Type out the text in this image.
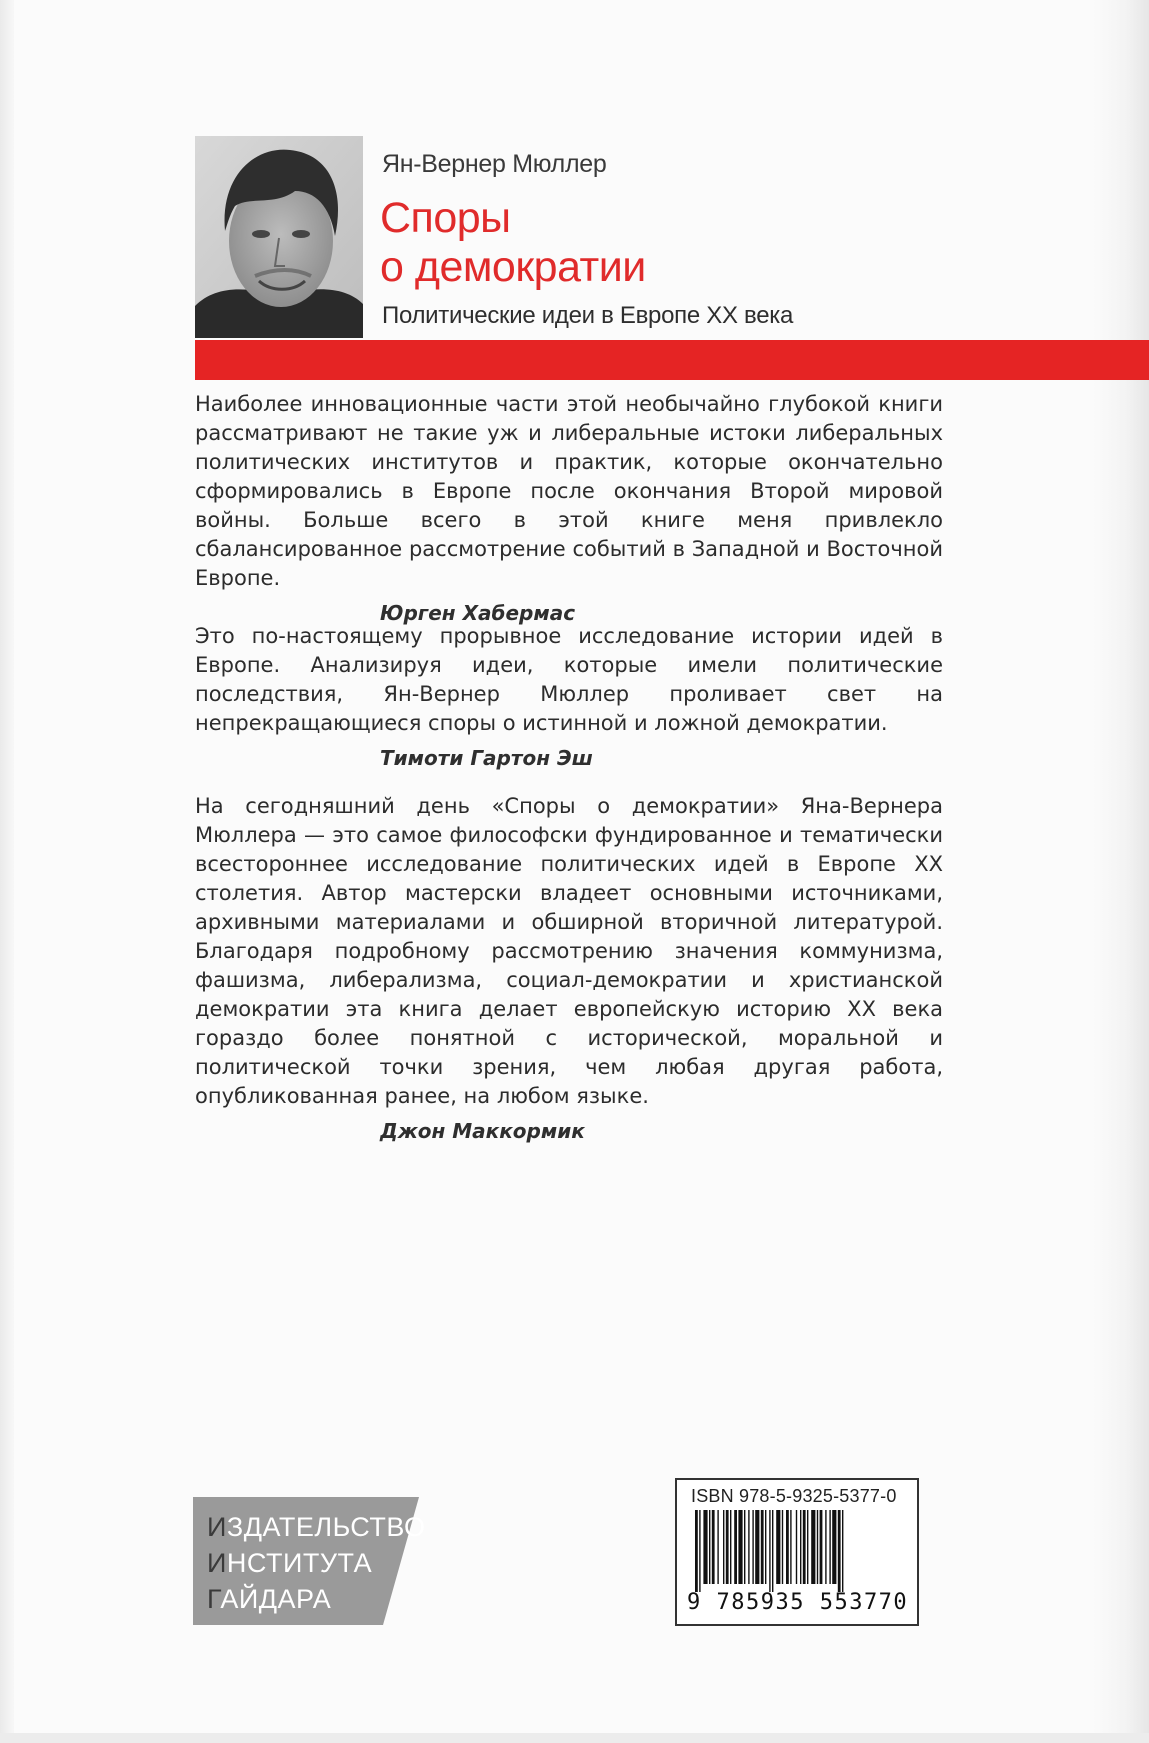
Ян-Вернер Мюллер
Споры
о демократии
Политические идеи в Европе XX века
Наиболее инновационные части этой необычайно глубокой книги рассматривают не такие уж и либеральные истоки либеральных политических институтов и практик, которые окончательно сформировались в Европе после окончания Второй мировой войны. Больше всего в этой книге меня привлекло сбалансированное рассмотрение событий в Западной и Восточной Европе.
Юрген Хабермас
Это по-настоящему прорывное исследование истории идей в Европе. Анализируя идеи, которые имели политические последствия, Ян-Вернер Мюллер проливает свет на непрекращающиеся споры о истинной и ложной демократии.
Тимоти Гартон Эш
На сегодняшний день «Споры о демократии» Яна-Вернера Мюллера — это самое философски фундированное и тематически всестороннее исследование политических идей в Европе XX столетия. Автор мастерски владеет основными источниками, архивными материалами и обширной вторичной литературой. Благодаря подробному рассмотрению значения коммунизма, фашизма, либерализма, социал-демократии и христианской демократии эта книга делает европейскую историю XX века гораздо более понятной с исторической, моральной и политической точки зрения, чем любая другая работа, опубликованная ранее, на любом языке.
Джон Маккормик
ИЗДАТЕЛЬСТВО
ИНСТИТУТА
ГАЙДАРА
ISBN 978-5-9325-5377-0
9 785935 553770
